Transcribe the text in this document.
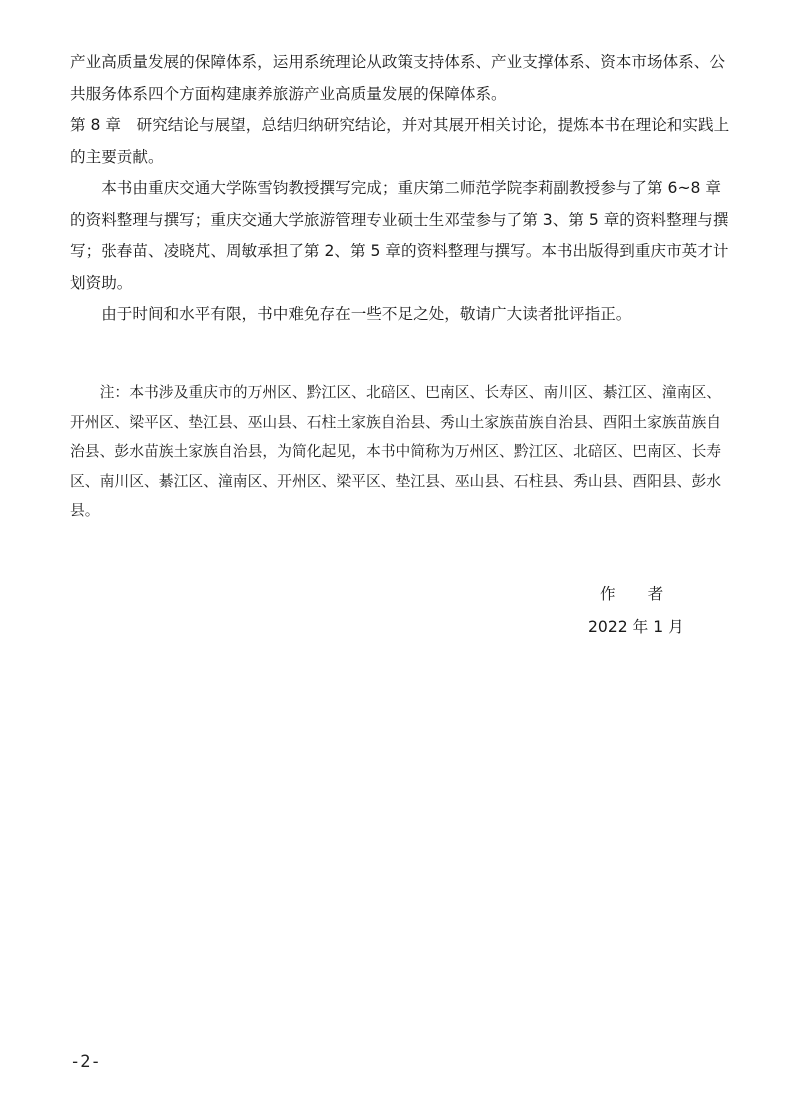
产业高质量发展的保障体系，运用系统理论从政策支持体系、产业支撑体系、资本市场体系、公共服务体系四个方面构建康养旅游产业高质量发展的保障体系。

第 8 章　研究结论与展望，总结归纳研究结论，并对其展开相关讨论，提炼本书在理论和实践上的主要贡献。

本书由重庆交通大学陈雪钧教授撰写完成；重庆第二师范学院李莉副教授参与了第 6~8 章的资料整理与撰写；重庆交通大学旅游管理专业硕士生邓莹参与了第 3、第 5 章的资料整理与撰写；张春苗、凌晓芃、周敏承担了第 2、第 5 章的资料整理与撰写。本书出版得到重庆市英才计划资助。

由于时间和水平有限，书中难免存在一些不足之处，敬请广大读者批评指正。

注：本书涉及重庆市的万州区、黔江区、北碚区、巴南区、长寿区、南川区、綦江区、潼南区、开州区、梁平区、垫江县、巫山县、石柱土家族自治县、秀山土家族苗族自治县、酉阳土家族苗族自治县、彭水苗族土家族自治县，为简化起见，本书中简称为万州区、黔江区、北碚区、巴南区、长寿区、南川区、綦江区、潼南区、开州区、梁平区、垫江县、巫山县、石柱县、秀山县、酉阳县、彭水县。

作者
2022 年 1 月
-2-
